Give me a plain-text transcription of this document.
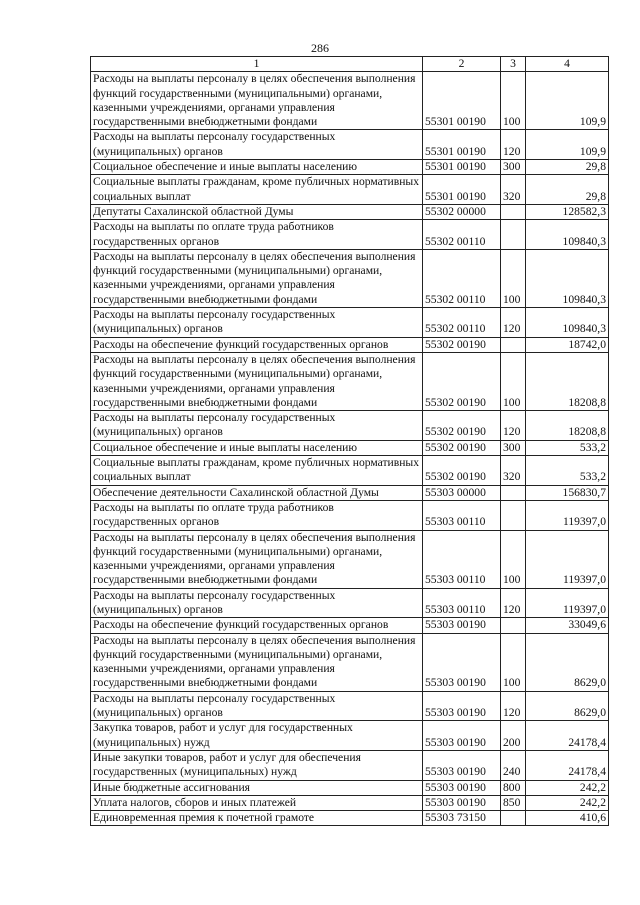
286
1	2	3	4
Расходы на выплаты персоналу в целях обеспечения выполнения функций государственными (муниципальными) органами, казенными учреждениями, органами управления государственными внебюджетными фондами	55301 00190	100	109,9
Расходы на выплаты персоналу государственных (муниципальных) органов	55301 00190	120	109,9
Социальное обеспечение и иные выплаты населению	55301 00190	300	29,8
Социальные выплаты гражданам, кроме публичных нормативных социальных выплат	55301 00190	320	29,8
Депутаты Сахалинской областной Думы	55302 00000		128582,3
Расходы на выплаты по оплате труда работников государственных органов	55302 00110		109840,3
Расходы на выплаты персоналу в целях обеспечения выполнения функций государственными (муниципальными) органами, казенными учреждениями, органами управления государственными внебюджетными фондами	55302 00110	100	109840,3
Расходы на выплаты персоналу государственных (муниципальных) органов	55302 00110	120	109840,3
Расходы на обеспечение функций государственных органов	55302 00190		18742,0
Расходы на выплаты персоналу в целях обеспечения выполнения функций государственными (муниципальными) органами, казенными учреждениями, органами управления государственными внебюджетными фондами	55302 00190	100	18208,8
Расходы на выплаты персоналу государственных (муниципальных) органов	55302 00190	120	18208,8
Социальное обеспечение и иные выплаты населению	55302 00190	300	533,2
Социальные выплаты гражданам, кроме публичных нормативных социальных выплат	55302 00190	320	533,2
Обеспечение деятельности Сахалинской областной Думы	55303 00000		156830,7
Расходы на выплаты по оплате труда работников государственных органов	55303 00110		119397,0
Расходы на выплаты персоналу в целях обеспечения выполнения функций государственными (муниципальными) органами, казенными учреждениями, органами управления государственными внебюджетными фондами	55303 00110	100	119397,0
Расходы на выплаты персоналу государственных (муниципальных) органов	55303 00110	120	119397,0
Расходы на обеспечение функций государственных органов	55303 00190		33049,6
Расходы на выплаты персоналу в целях обеспечения выполнения функций государственными (муниципальными) органами, казенными учреждениями, органами управления государственными внебюджетными фондами	55303 00190	100	8629,0
Расходы на выплаты персоналу государственных (муниципальных) органов	55303 00190	120	8629,0
Закупка товаров, работ и услуг для государственных (муниципальных) нужд	55303 00190	200	24178,4
Иные закупки товаров, работ и услуг для обеспечения государственных (муниципальных) нужд	55303 00190	240	24178,4
Иные бюджетные ассигнования	55303 00190	800	242,2
Уплата налогов, сборов и иных платежей	55303 00190	850	242,2
Единовременная премия к почетной грамоте	55303 73150		410,6
